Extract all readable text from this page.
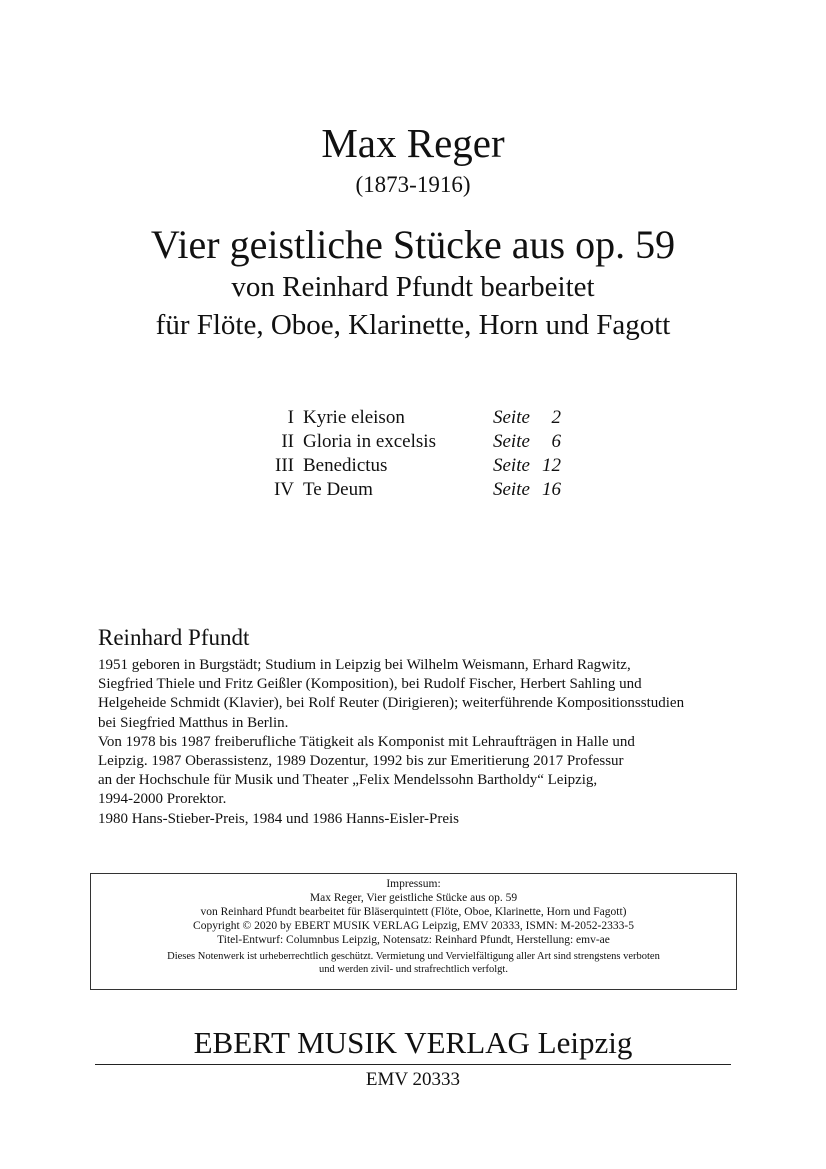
Max Reger
(1873-1916)
Vier geistliche Stücke aus op. 59
von Reinhard Pfundt bearbeitet
für Flöte, Oboe, Klarinette, Horn und Fagott
I Kyrie eleison	Seite 2
II Gloria in excelsis	Seite 6
III Benedictus	Seite 12
IV Te Deum	Seite 16
Reinhard Pfundt
1951 geboren in Burgstädt; Studium in Leipzig bei Wilhelm Weismann, Erhard Ragwitz,
Siegfried Thiele und Fritz Geißler (Komposition), bei Rudolf Fischer, Herbert Sahling und
Helgeheide Schmidt (Klavier), bei Rolf Reuter (Dirigieren); weiterführende Kompositionsstudien
bei Siegfried Matthus in Berlin.
Von 1978 bis 1987 freiberufliche Tätigkeit als Komponist mit Lehraufträgen in Halle und
Leipzig. 1987 Oberassistenz, 1989 Dozentur, 1992 bis zur Emeritierung 2017 Professur
an der Hochschule für Musik und Theater „Felix Mendelssohn Bartholdy“ Leipzig,
1994-2000 Prorektor.
1980 Hans-Stieber-Preis, 1984 und 1986 Hanns-Eisler-Preis
Impressum:
Max Reger, Vier geistliche Stücke aus op. 59
von Reinhard Pfundt bearbeitet für Bläserquintett (Flöte, Oboe, Klarinette, Horn und Fagott)
Copyright © 2020 by EBERT MUSIK VERLAG Leipzig, EMV 20333, ISMN: M-2052-2333-5
Titel-Entwurf: Columnbus Leipzig, Notensatz: Reinhard Pfundt, Herstellung: emv-ae
Dieses Notenwerk ist urheberrechtlich geschützt. Vermietung und Vervielfältigung aller Art sind strengstens verboten
und werden zivil- und strafrechtlich verfolgt.
EBERT MUSIK VERLAG Leipzig
EMV 20333
